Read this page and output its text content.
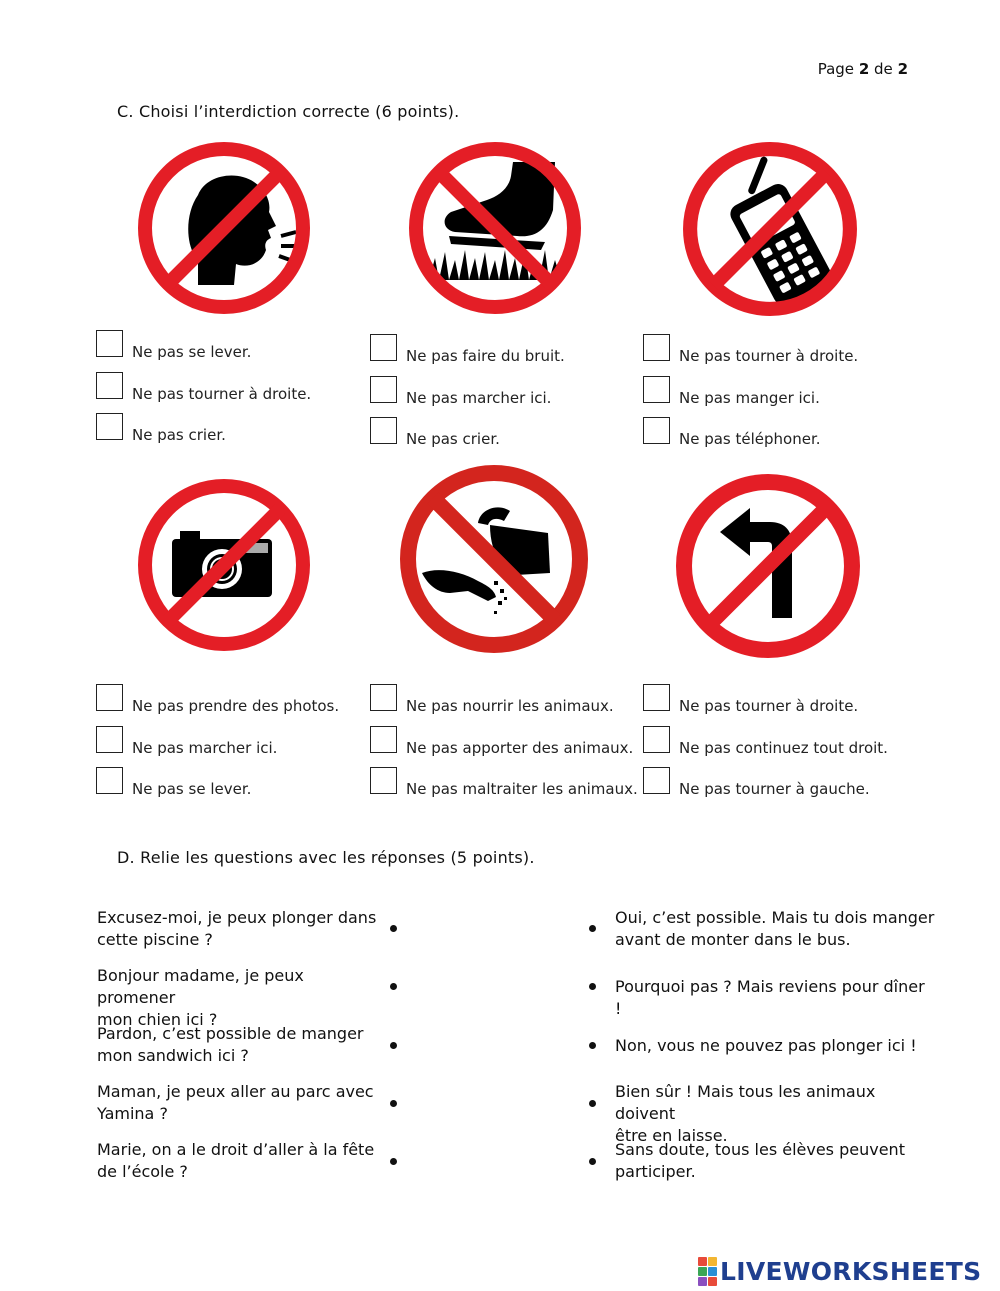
Page 2 de 2
C. Choisi l’interdiction correcte (6 points).
Ne pas se lever.
Ne pas tourner à droite.
Ne pas crier.
Ne pas faire du bruit.
Ne pas marcher ici.
Ne pas crier.
Ne pas tourner à droite.
Ne pas manger ici.
Ne pas téléphoner.
Ne pas prendre des photos.
Ne pas marcher ici.
Ne pas se lever.
Ne pas nourrir les animaux.
Ne pas apporter des animaux.
Ne pas maltraiter les animaux.
Ne pas tourner à droite.
Ne pas continuez tout droit.
Ne pas tourner à gauche.
D. Relie les questions avec les réponses (5 points).
Excusez-moi, je peux plonger dans
cette piscine ?
Bonjour madame, je peux promener
mon chien ici ?
Pardon, c’est possible de manger
mon sandwich ici ?
Maman, je peux aller au parc avec
Yamina ?
Marie, on a le droit d’aller à la fête
de l’école ?
Oui, c’est possible. Mais tu dois manger
avant de monter dans le bus.
Pourquoi pas ? Mais reviens pour dîner !
Non, vous ne pouvez pas plonger ici !
Bien sûr ! Mais tous les animaux doivent
être en laisse.
Sans doute, tous les élèves peuvent
participer.
LIVEWORKSHEETS
